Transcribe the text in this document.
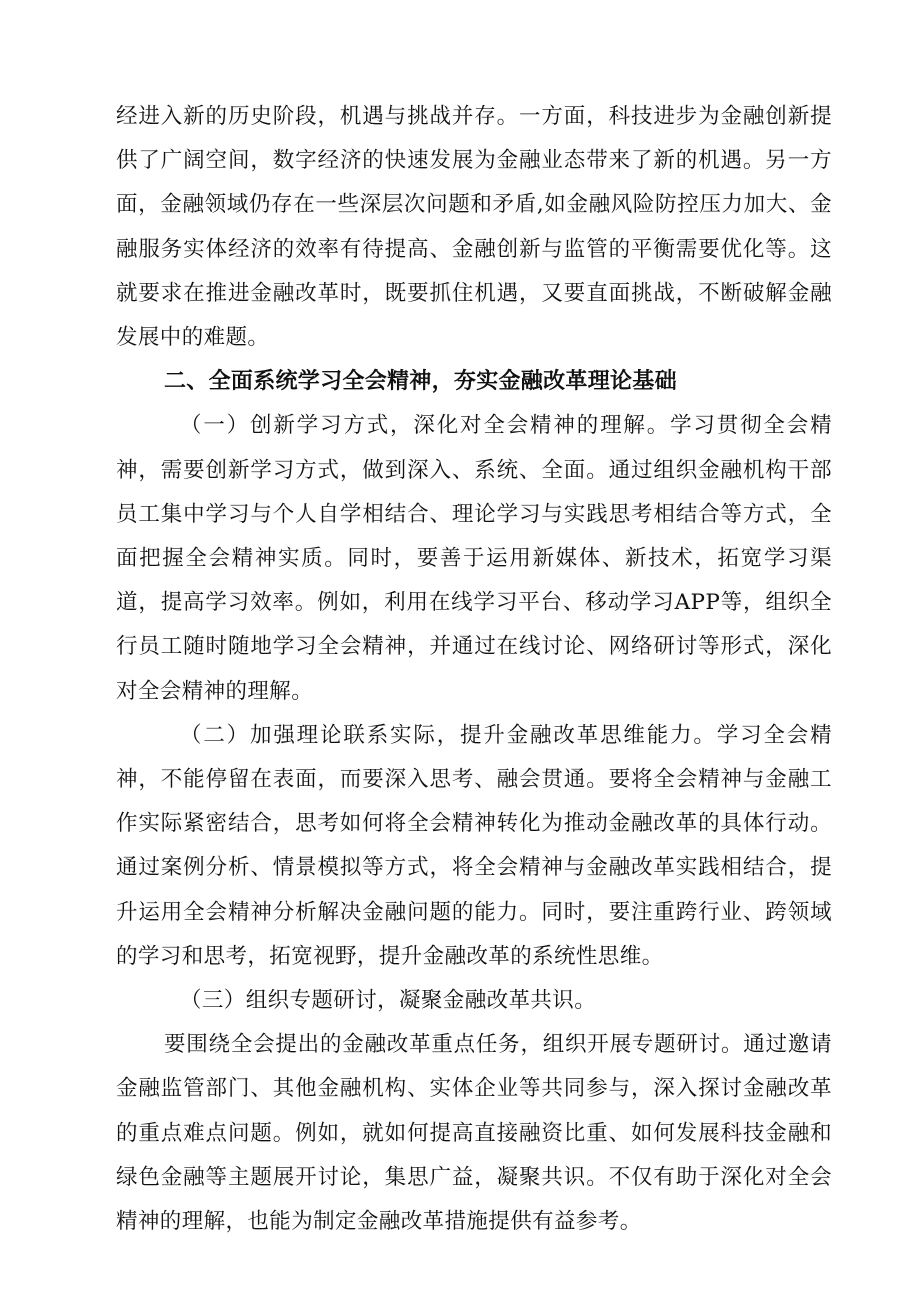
经进入新的历史阶段，机遇与挑战并存。一方面，科技进步为金融创新提供了广阔空间，数字经济的快速发展为金融业态带来了新的机遇。另一方面，金融领域仍存在一些深层次问题和矛盾,如金融风险防控压力加大、金融服务实体经济的效率有待提高、金融创新与监管的平衡需要优化等。这就要求在推进金融改革时，既要抓住机遇，又要直面挑战，不断破解金融发展中的难题。

二、全面系统学习全会精神，夯实金融改革理论基础

（一）创新学习方式，深化对全会精神的理解。学习贯彻全会精神，需要创新学习方式，做到深入、系统、全面。通过组织金融机构干部员工集中学习与个人自学相结合、理论学习与实践思考相结合等方式，全面把握全会精神实质。同时，要善于运用新媒体、新技术，拓宽学习渠道，提高学习效率。例如，利用在线学习平台、移动学习APP等，组织全行员工随时随地学习全会精神，并通过在线讨论、网络研讨等形式，深化对全会精神的理解。

（二）加强理论联系实际，提升金融改革思维能力。学习全会精神，不能停留在表面，而要深入思考、融会贯通。要将全会精神与金融工作实际紧密结合，思考如何将全会精神转化为推动金融改革的具体行动。通过案例分析、情景模拟等方式，将全会精神与金融改革实践相结合，提升运用全会精神分析解决金融问题的能力。同时，要注重跨行业、跨领域的学习和思考，拓宽视野，提升金融改革的系统性思维。

（三）组织专题研讨，凝聚金融改革共识。

要围绕全会提出的金融改革重点任务，组织开展专题研讨。通过邀请金融监管部门、其他金融机构、实体企业等共同参与，深入探讨金融改革的重点难点问题。例如，就如何提高直接融资比重、如何发展科技金融和绿色金融等主题展开讨论，集思广益，凝聚共识。不仅有助于深化对全会精神的理解，也能为制定金融改革措施提供有益参考。
